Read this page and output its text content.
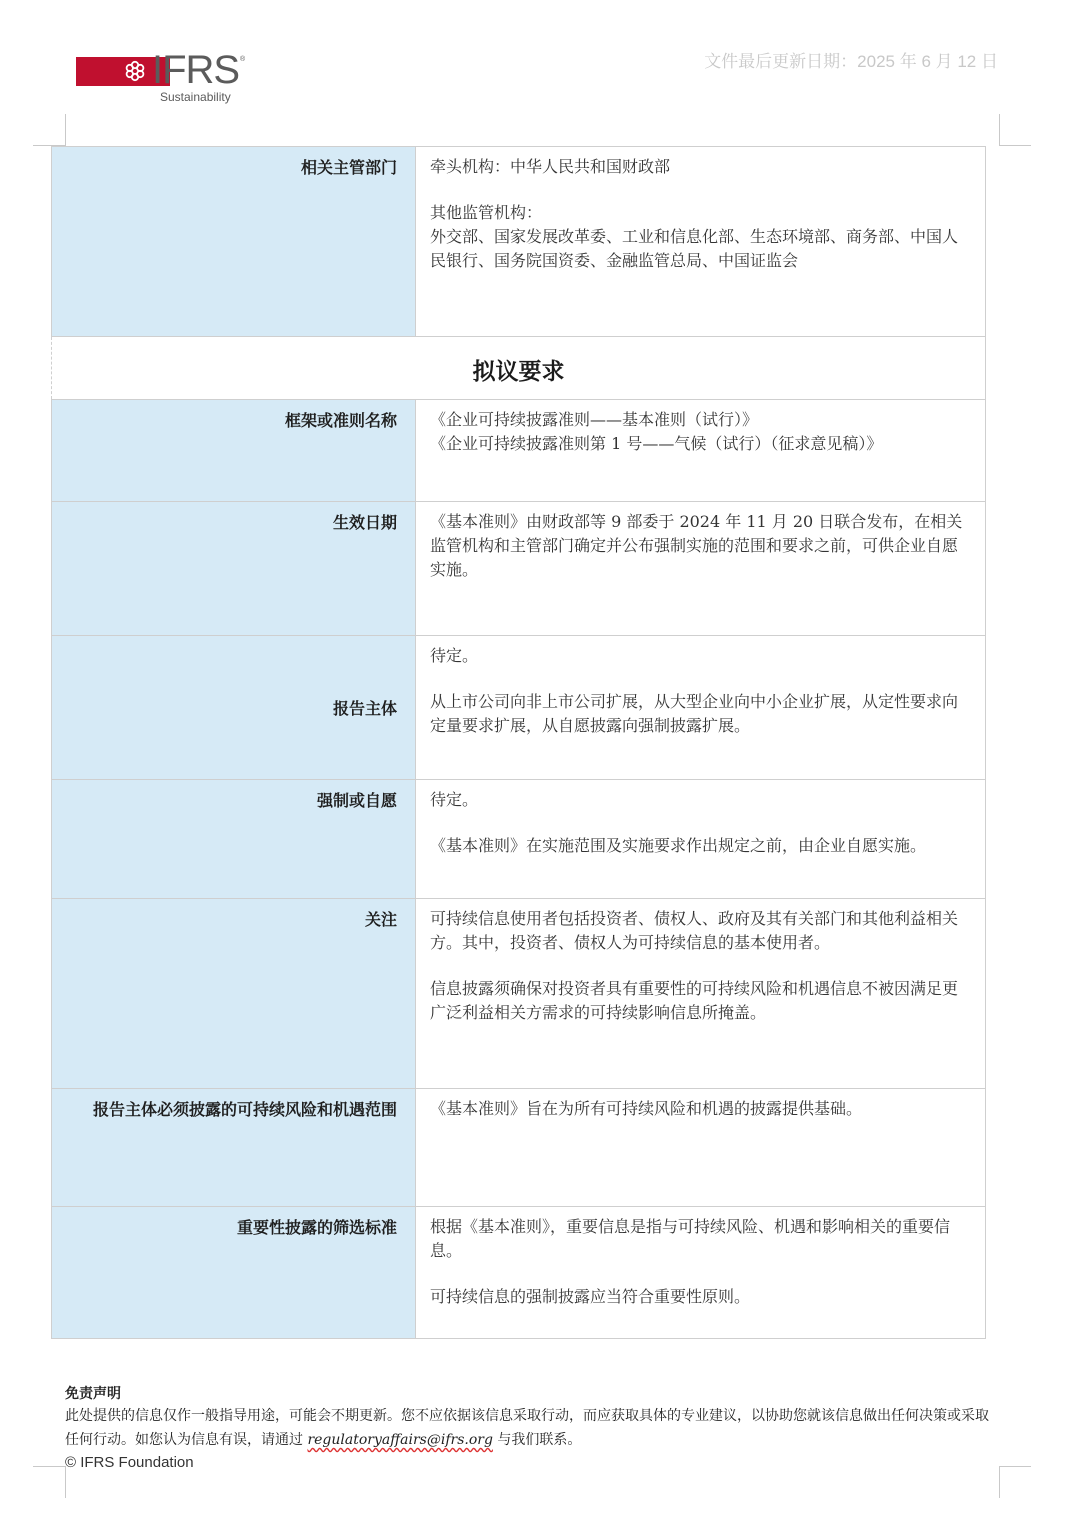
IFRS ®
Sustainability
文件最后更新日期：2025 年 6 月 12 日
相关主管部门	牵头机构：中华人民共和国财政部

其他监管机构：
外交部、国家发展改革委、工业和信息化部、生态环境部、商务部、中国人民银行、国务院国资委、金融监管总局、中国证监会

拟议要求	
框架或准则名称	《企业可持续披露准则——基本准则（试行）》
《企业可持续披露准则第 1 号——气候（试行）（征求意见稿）》

生效日期	《基本准则》由财政部等 9 部委于 2024 年 11 月 20 日联合发布，在相关监管机构和主管部门确定并公布强制实施的范围和要求之前，可供企业自愿实施。

报告主体	待定。

从上市公司向非上市公司扩展，从大型企业向中小企业扩展，从定性要求向定量要求扩展，从自愿披露向强制披露扩展。

强制或自愿	待定。

《基本准则》在实施范围及实施要求作出规定之前，由企业自愿实施。

关注	可持续信息使用者包括投资者、债权人、政府及其有关部门和其他利益相关方。其中，投资者、债权人为可持续信息的基本使用者。

信息披露须确保对投资者具有重要性的可持续风险和机遇信息不被因满足更广泛利益相关方需求的可持续影响信息所掩盖。

报告主体必须披露的可持续风险和机遇范围	《基本准则》旨在为所有可持续风险和机遇的披露提供基础。

重要性披露的筛选标准	根据《基本准则》，重要信息是指与可持续风险、机遇和影响相关的重要信息。

可持续信息的强制披露应当符合重要性原则。

免责声明
此处提供的信息仅作一般指导用途，可能会不期更新。您不应依据该信息采取行动，而应获取具体的专业建议，以协助您就该信息做出任何决策或采取任何行动。如您认为信息有误，请通过 regulatoryaffairs@ifrs.org 与我们联系。
© IFRS Foundation
